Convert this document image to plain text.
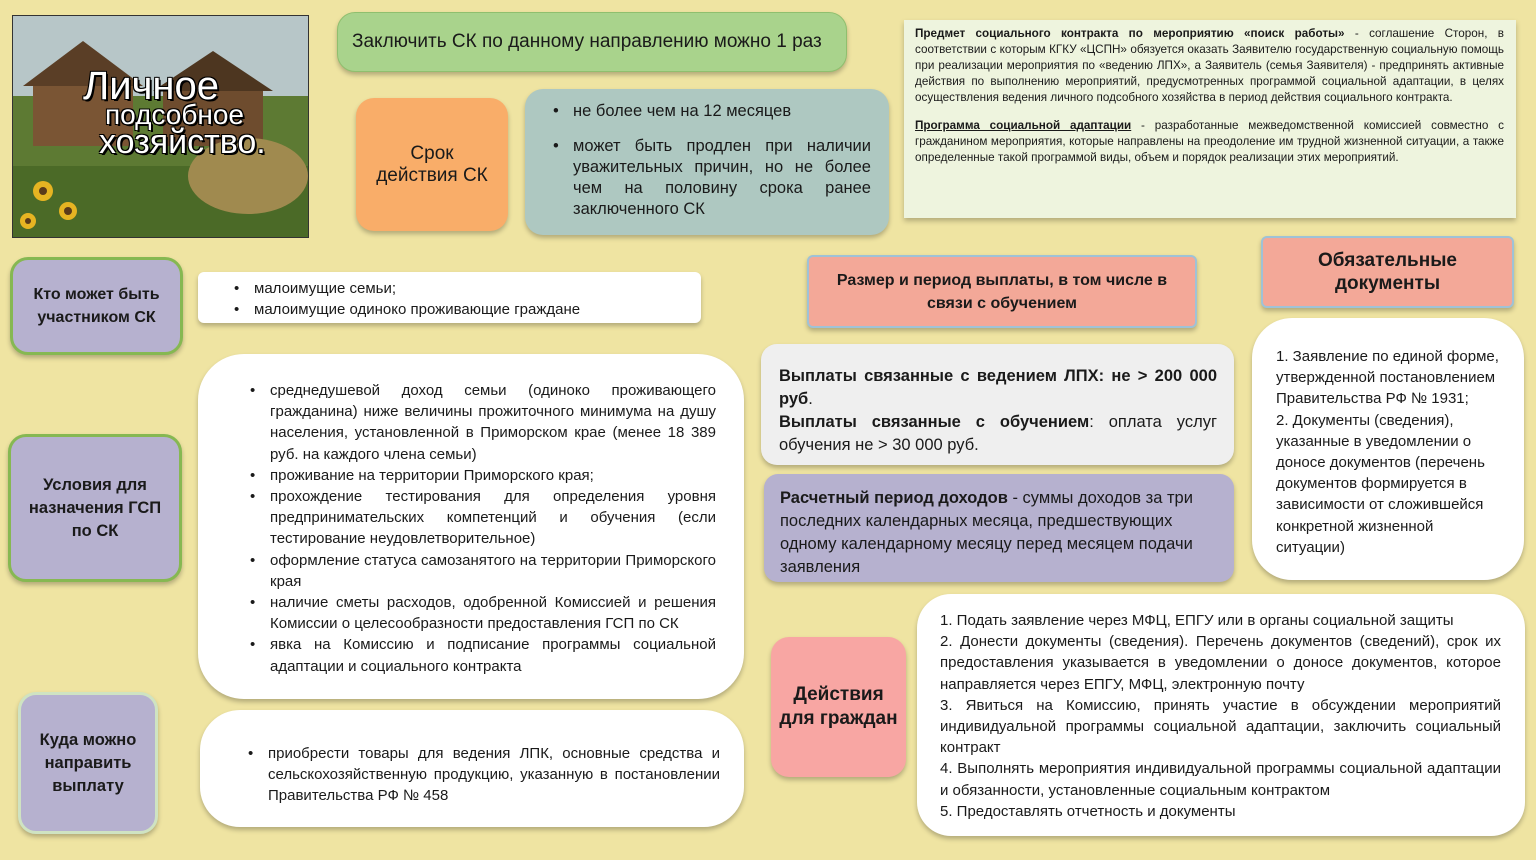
Личное
подсобное
хозяйство.
Заключить СК по данному направлению можно 1 раз
Срок действия СК
• не более чем на 12 месяцев
• может быть продлен при наличии уважительных причин, но не более чем на половину срока ранее заключенного СК

Предмет социального контракта по мероприятию «поиск работы» - соглашение Сторон, в соответствии с которым КГКУ «ЦСПН» обязуется оказать Заявителю государственную социальную помощь при реализации мероприятия по «ведению ЛПХ», а Заявитель (семья Заявителя) - предпринять активные действия по выполнению мероприятий, предусмотренных программой социальной адаптации, в целях осуществления ведения личного подсобного хозяйства в период действия социального контракта.

Программа социальной адаптации - разработанные межведомственной комиссией совместно с гражданином мероприятия, которые направлены на преодоление им трудной жизненной ситуации, а также определенные такой программой виды, объем и порядок реализации этих мероприятий.

Кто может быть участником СК
• малоимущие семьи;
• малоимущие одиноко проживающие граждане
Условия для назначения ГСП по СК
• среднедушевой доход семьи (одиноко проживающего гражданина) ниже величины прожиточного минимума на душу населения, установленной в Приморском крае (менее 18 389 руб. на каждого члена семьи)
• проживание на территории Приморского края;
• прохождение тестирования для определения уровня предпринимательских компетенций и обучения (если тестирование неудовлетворительное)
• оформление статуса самозанятого на территории Приморского края
• наличие сметы расходов, одобренной Комиссией и решения Комиссии о целесообразности предоставления ГСП по СК
• явка на Комиссию и подписание программы социальной адаптации и социального контракта
Куда можно направить выплату
• приобрести товары для ведения ЛПК, основные средства и сельскохозяйственную продукцию, указанную в постановлении Правительства РФ № 458
Размер и период выплаты, в том числе в связи с обучением
Выплаты связанные с ведением ЛПХ: не > 200 000 руб.
Выплаты связанные с обучением: оплата услуг обучения не > 30 000 руб.
Расчетный период доходов - суммы доходов за три последних календарных месяца, предшествующих одному календарному месяцу перед месяцем подачи заявления
Обязательные документы
1. Заявление по единой форме, утвержденной постановлением Правительства РФ № 1931;
2. Документы (сведения), указанные в уведомлении о доносе документов (перечень документов формируется в зависимости от сложившейся конкретной жизненной ситуации)
Действия для граждан
1. Подать заявление через МФЦ, ЕПГУ или в органы социальной защиты
2. Донести документы (сведения). Перечень документов (сведений), срок их предоставления указывается в уведомлении о доносе документов, которое направляется через ЕПГУ, МФЦ, электронную почту
3. Явиться на Комиссию, принять участие в обсуждении мероприятий индивидуальной программы социальной адаптации, заключить социальный контракт
4. Выполнять мероприятия индивидуальной программы социальной адаптации и обязанности, установленные социальным контрактом
5. Предоставлять отчетность и документы
